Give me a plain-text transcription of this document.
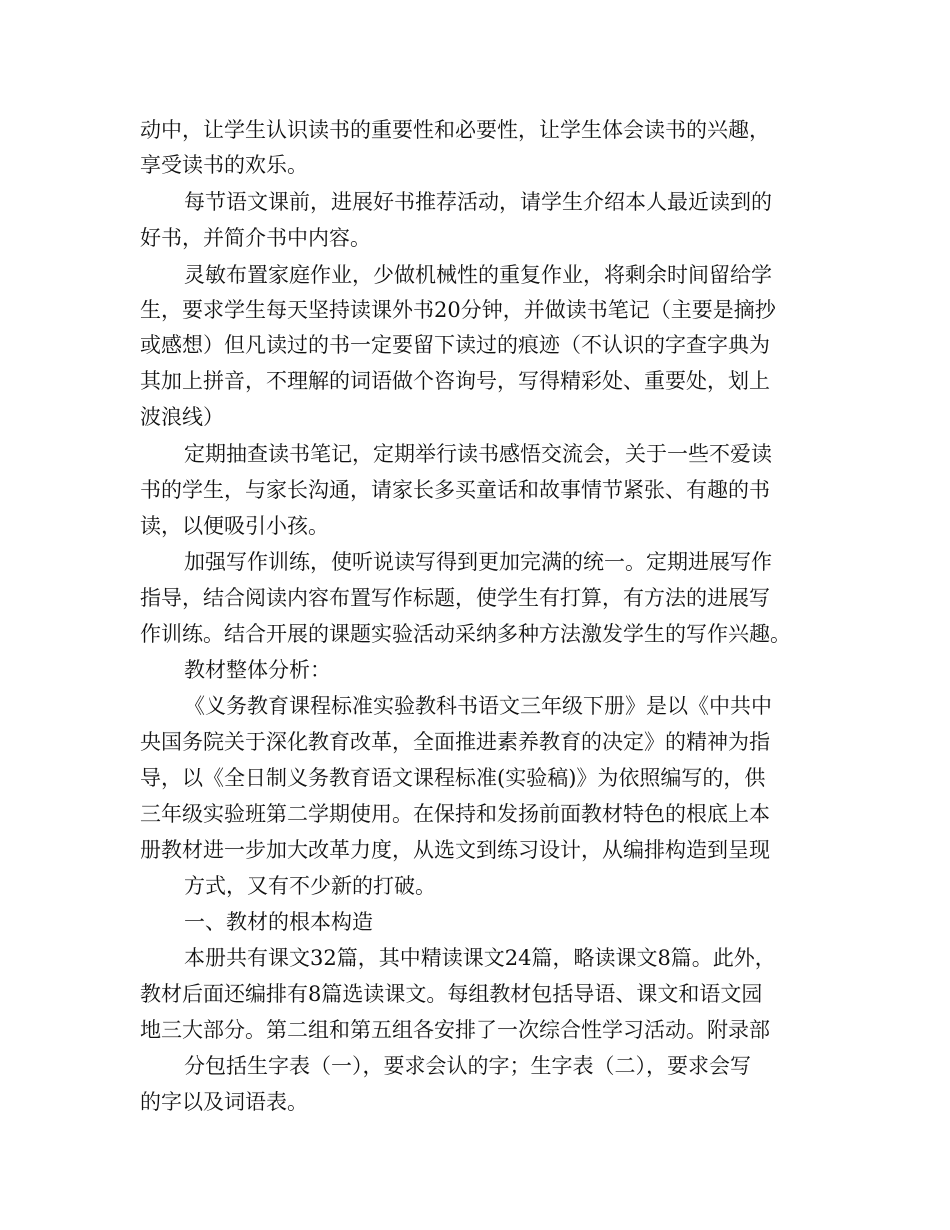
动中，让学生认识读书的重要性和必要性，让学生体会读书的兴趣，
享受读书的欢乐。
每节语文课前，进展好书推荐活动，请学生介绍本人最近读到的
好书，并简介书中内容。
灵敏布置家庭作业，少做机械性的重复作业，将剩余时间留给学
生，要求学生每天坚持读课外书20分钟，并做读书笔记（主要是摘抄
或感想）但凡读过的书一定要留下读过的痕迹（不认识的字查字典为
其加上拼音，不理解的词语做个咨询号，写得精彩处、重要处，划上
波浪线）
定期抽查读书笔记，定期举行读书感悟交流会，关于一些不爱读
书的学生，与家长沟通，请家长多买童话和故事情节紧张、有趣的书
读，以便吸引小孩。
加强写作训练，使听说读写得到更加完满的统一。定期进展写作
指导，结合阅读内容布置写作标题，使学生有打算，有方法的进展写
作训练。结合开展的课题实验活动采纳多种方法激发学生的写作兴趣。
教材整体分析：
《义务教育课程标准实验教科书语文三年级下册》是以《中共中
央国务院关于深化教育改革，全面推进素养教育的决定》的精神为指
导，以《全日制义务教育语文课程标准(实验稿)》为依照编写的，供
三年级实验班第二学期使用。在保持和发扬前面教材特色的根底上本
册教材进一步加大改革力度，从选文到练习设计，从编排构造到呈现
方式，又有不少新的打破。
一、教材的根本构造
本册共有课文32篇，其中精读课文24篇，略读课文8篇。此外，
教材后面还编排有8篇选读课文。每组教材包括导语、课文和语文园
地三大部分。第二组和第五组各安排了一次综合性学习活动。附录部
分包括生字表（一），要求会认的字；生字表（二），要求会写
的字以及词语表。
